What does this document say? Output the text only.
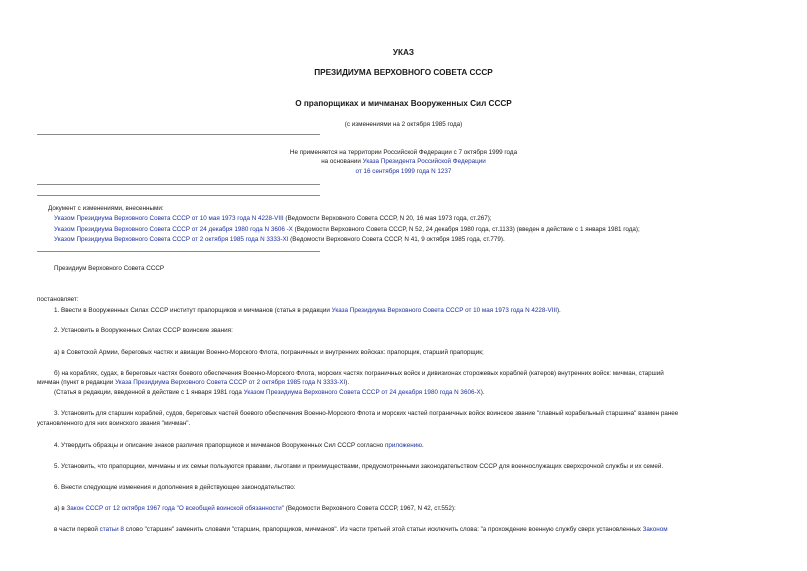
УКАЗ
ПРЕЗИДИУМА ВЕРХОВНОГО СОВЕТА СССР
О прапорщиках и мичманах Вооруженных Сил СССР
(с изменениями на 2 октября 1985 года)
Не применяется на территории Российской Федерации с 7 октября 1999 года
на основании Указа Президента Российской Федерации
от 16 сентября 1999 года N 1237
Документ с изменениями, внесенными:
Указом Президиума Верховного Совета СССР от 10 мая 1973 года N 4228-VIII (Ведомости Верховного Совета СССР, N 20, 16 мая 1973 года, ст.267);
Указом Президиума Верховного Совета СССР от 24 декабря 1980 года N 3606 -X (Ведомости Верховного Совета СССР, N 52, 24 декабря 1980 года, ст.1133) (введен в действие с 1 января 1981 года);
Указом Президиума Верховного Совета СССР от 2 октября 1985 года N 3333-XI (Ведомости Верховного Совета СССР, N 41, 9 октября 1985 года, ст.779).
Президиум Верховного Совета СССР
постановляет:
1. Ввести в Вооруженных Силах СССР институт прапорщиков и мичманов (статья в редакции Указа Президиума Верховного Совета СССР от 10 мая 1973 года N 4228-VIII).
2. Установить в Вооруженных Силах СССР воинские звания:
а) в Советской Армии, береговых частях и авиации Военно-Морского Флота, пограничных и внутренних войсках: прапорщик, старший прапорщик;
б) на кораблях, судах, в береговых частях боевого обеспечения Военно-Морского Флота, морских частях пограничных войск и дивизионах сторожевых кораблей (катеров) внутренних войск: мичман, старший
мичман (пункт в редакции Указа Президиума Верховного Совета СССР от 2 октября 1985 года N 3333-XI).
(Статья в редакции, введенной в действие с 1 января 1981 года Указом Президиума Верховного Совета СССР от 24 декабря 1980 года N 3606-X).
3. Установить для старшин кораблей, судов, береговых частей боевого обеспечения Военно-Морского Флота и морских частей пограничных войск воинское звание "главный корабельный старшина" взамен ранее
установленного для них воинского звания "мичман".
4. Утвердить образцы и описание знаков различия прапорщиков и мичманов Вооруженных Сил СССР согласно приложению.
5. Установить, что прапорщики, мичманы и их семьи пользуются правами, льготами и преимуществами, предусмотренными законодательством СССР для военнослужащих сверхсрочной службы и их семей.
6. Внести следующие изменения и дополнения в действующее законодательство:
а) в Закон СССР от 12 октября 1967 года "О всеобщей воинской обязанности" (Ведомости Верховного Совета СССР, 1967, N 42, ст.552):
в части первой статьи 8 слово "старшин" заменить словами "старшин, прапорщиков, мичманов". Из части третьей этой статьи исключить слова: "а прохождение военную службу сверх установленных Законом
